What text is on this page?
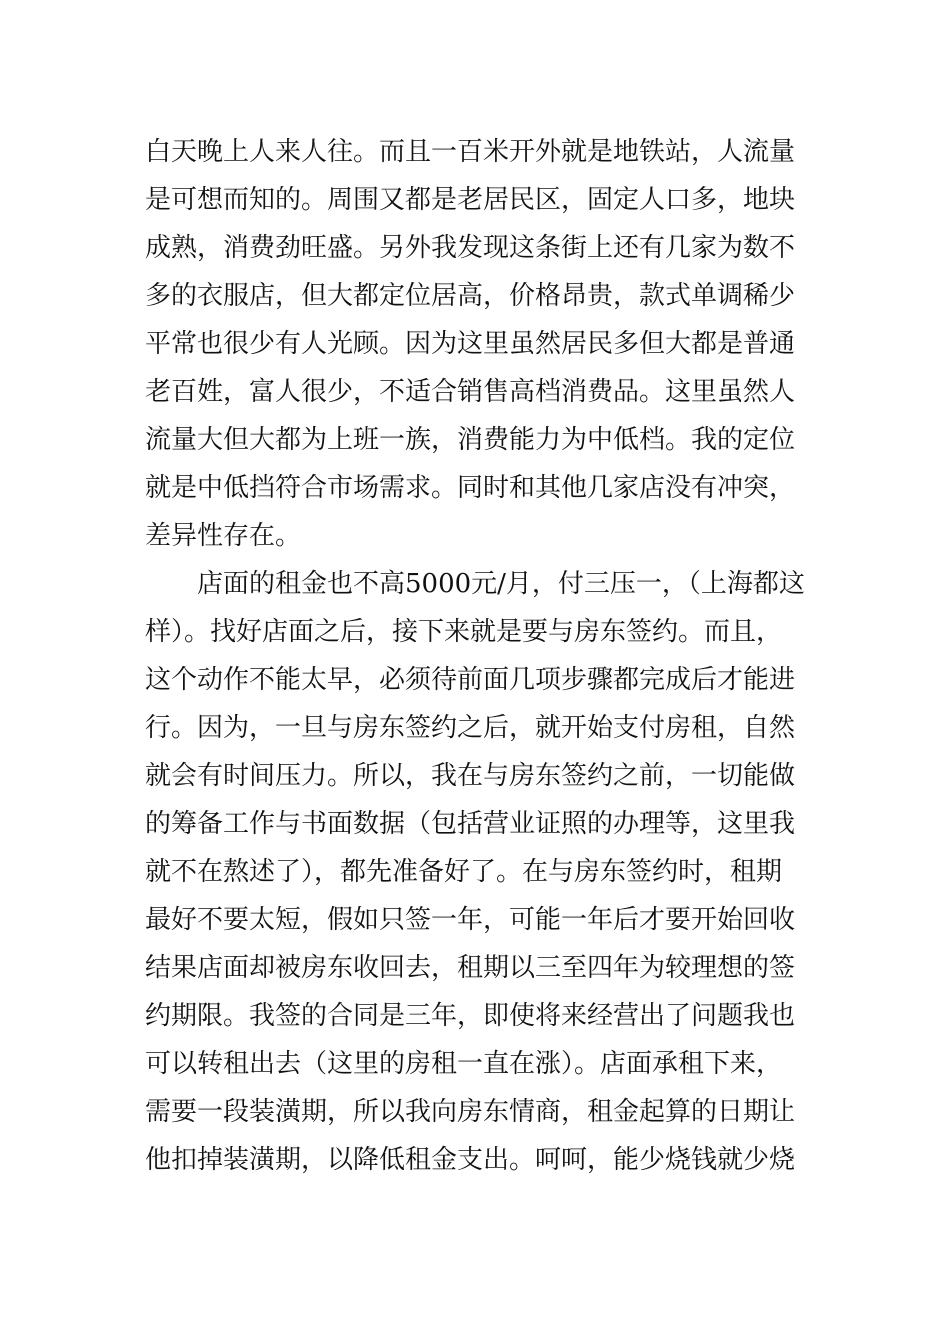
白天晚上人来人往。而且一百米开外就是地铁站，人流量
是可想而知的。周围又都是老居民区，固定人口多，地块
成熟，消费劲旺盛。另外我发现这条街上还有几家为数不
多的衣服店，但大都定位居高，价格昂贵，款式单调稀少
平常也很少有人光顾。因为这里虽然居民多但大都是普通
老百姓，富人很少，不适合销售高档消费品。这里虽然人
流量大但大都为上班一族，消费能力为中低档。我的定位
就是中低挡符合市场需求。同时和其他几家店没有冲突，
差异性存在。
店面的租金也不高5000元/月，付三压一，（上海都这
样）。找好店面之后，接下来就是要与房东签约。而且，
这个动作不能太早，必须待前面几项步骤都完成后才能进
行。因为，一旦与房东签约之后，就开始支付房租，自然
就会有时间压力。所以，我在与房东签约之前，一切能做
的筹备工作与书面数据（包括营业证照的办理等，这里我
就不在熬述了），都先准备好了。在与房东签约时，租期
最好不要太短，假如只签一年，可能一年后才要开始回收
结果店面却被房东收回去，租期以三至四年为较理想的签
约期限。我签的合同是三年，即使将来经营出了问题我也
可以转租出去（这里的房租一直在涨）。店面承租下来，
需要一段装潢期，所以我向房东情商，租金起算的日期让
他扣掉装潢期，以降低租金支出。呵呵，能少烧钱就少烧
